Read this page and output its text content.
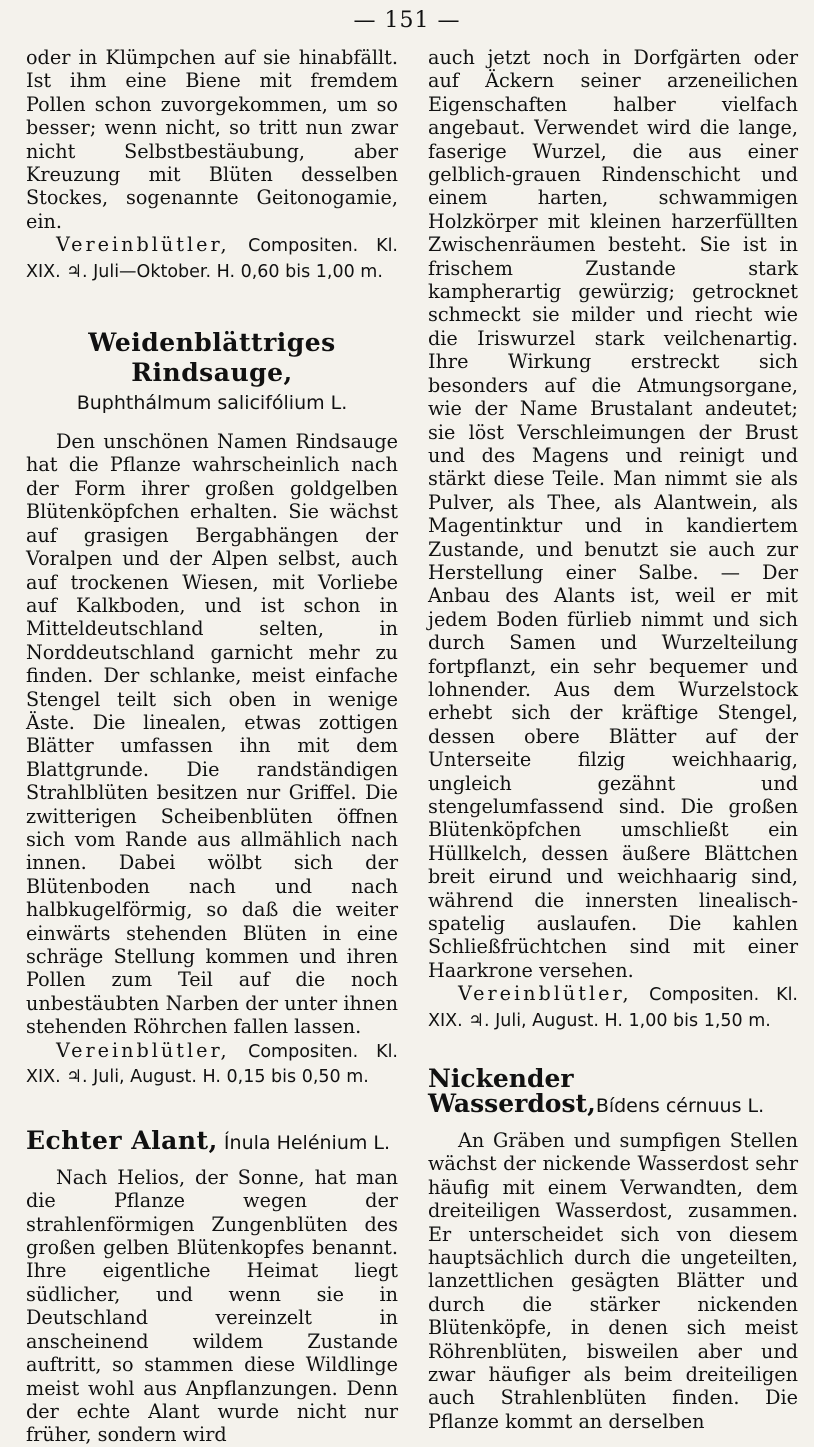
— 151 —

oder in Klümpchen auf sie hinabfällt. Ist ihm eine Biene mit fremdem Pollen schon zuvorgekommen, um so besser; wenn nicht, so tritt nun zwar nicht Selbstbestäubung, aber Kreuzung mit Blüten desselben Stockes, sogenannte Geitonogamie, ein.

Vereinblütler, Compositen. Kl. XIX. ♃. Juli—Oktober. H. 0,60 bis 1,00 m.

Weidenblättriges Rindsauge,
Buphthálmum salicifólium L.

Den unschönen Namen Rindsauge hat die Pflanze wahrscheinlich nach der Form ihrer großen goldgelben Blütenköpfchen erhalten. Sie wächst auf grasigen Bergabhängen der Voralpen und der Alpen selbst, auch auf trockenen Wiesen, mit Vorliebe auf Kalkboden, und ist schon in Mitteldeutschland selten, in Norddeutschland garnicht mehr zu finden. Der schlanke, meist einfache Stengel teilt sich oben in wenige Äste. Die linealen, etwas zottigen Blätter umfassen ihn mit dem Blattgrunde. Die randständigen Strahlblüten besitzen nur Griffel. Die zwitterigen Scheibenblüten öffnen sich vom Rande aus allmählich nach innen. Dabei wölbt sich der Blütenboden nach und nach halbkugelförmig, so daß die weiter einwärts stehenden Blüten in eine schräge Stellung kommen und ihren Pollen zum Teil auf die noch unbestäubten Narben der unter ihnen stehenden Röhrchen fallen lassen.

Vereinblütler, Compositen. Kl. XIX. ♃. Juli, August. H. 0,15 bis 0,50 m.

Echter Alant, Ínula Helénium L.

Nach Helios, der Sonne, hat man die Pflanze wegen der strahlenförmigen Zungenblüten des großen gelben Blütenkopfes benannt. Ihre eigentliche Heimat liegt südlicher, und wenn sie in Deutschland vereinzelt in anscheinend wildem Zustande auftritt, so stammen diese Wildlinge meist wohl aus Anpflanzungen. Denn der echte Alant wurde nicht nur früher, sondern wird

auch jetzt noch in Dorfgärten oder auf Äckern seiner arzeneilichen Eigenschaften halber vielfach angebaut. Verwendet wird die lange, faserige Wurzel, die aus einer gelblich-grauen Rindenschicht und einem harten, schwammigen Holzkörper mit kleinen harzerfüllten Zwischenräumen besteht. Sie ist in frischem Zustande stark kampherartig gewürzig; getrocknet schmeckt sie milder und riecht wie die Iriswurzel stark veilchenartig. Ihre Wirkung erstreckt sich besonders auf die Atmungsorgane, wie der Name Brustalant andeutet; sie löst Verschleimungen der Brust und des Magens und reinigt und stärkt diese Teile. Man nimmt sie als Pulver, als Thee, als Alantwein, als Magentinktur und in kandiertem Zustande, und benutzt sie auch zur Herstellung einer Salbe. — Der Anbau des Alants ist, weil er mit jedem Boden fürlieb nimmt und sich durch Samen und Wurzelteilung fortpflanzt, ein sehr bequemer und lohnender. Aus dem Wurzelstock erhebt sich der kräftige Stengel, dessen obere Blätter auf der Unterseite filzig weichhaarig, ungleich gezähnt und stengelumfassend sind. Die großen Blütenköpfchen umschließt ein Hüllkelch, dessen äußere Blättchen breit eirund und weichhaarig sind, während die innersten linealisch-spatelig auslaufen. Die kahlen Schließfrüchtchen sind mit einer Haarkrone versehen.

Vereinblütler, Compositen. Kl. XIX. ♃. Juli, August. H. 1,00 bis 1,50 m.

Nickender Wasserdost,Bídens cérnuus L.

An Gräben und sumpfigen Stellen wächst der nickende Wasserdost sehr häufig mit einem Verwandten, dem dreiteiligen Wasserdost, zusammen. Er unterscheidet sich von diesem hauptsächlich durch die ungeteilten, lanzettlichen gesägten Blätter und durch die stärker nickenden Blütenköpfe, in denen sich meist Röhrenblüten, bisweilen aber und zwar häufiger als beim dreiteiligen auch Strahlenblüten finden. Die Pflanze kommt an derselben
